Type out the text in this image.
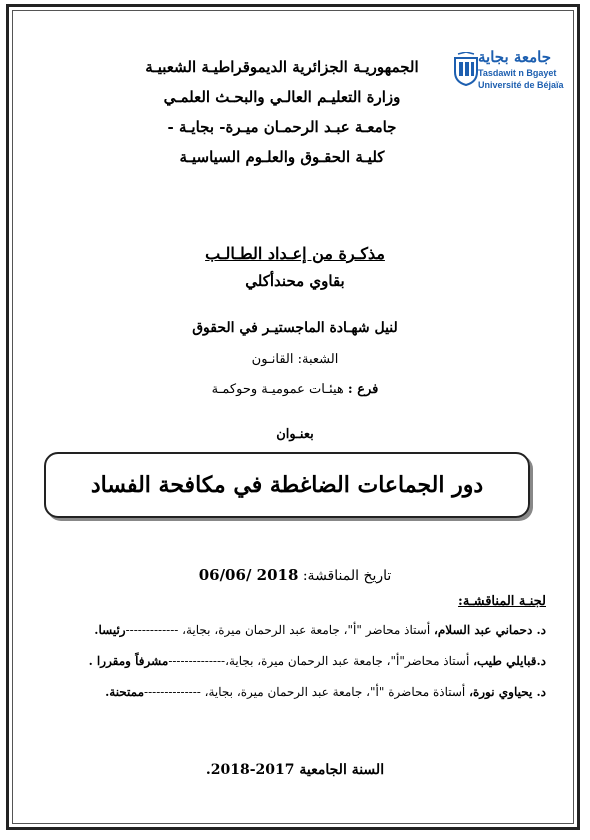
جامعة بجاية
Tasdawit n Bgayet
Université de Béjaïa
الجمهوريـة الجزائرية الديموقراطيـة الشعبيـة
وزارة التعليـم العالـي والبحـث العلمـي
جامعـة عبـد الرحمـان ميـرة- بجايـة -
كليـة الحقـوق والعلـوم السياسيـة
مذكـرة من إعـداد الطـالـب
بقاوي محندأكلي
لنيل شهـادة الماجستيـر في الحقوق
الشعبة: القانـون
فرع : هيئـات عموميـة وحوكمـة
بعنـوان
دور الجماعات الضاغطة في مكافحة الفساد
تاريخ المناقشة: 2018 /06/06
لجنـة المناقشـة:
د. دحماني عبد السلام، أستاذ محاضر "أ"، جامعة عبد الرحمان ميرة، بجاية، -------------رئيسا.
د.قبايلي طيب، أستاذ محاضر"أ"، جامعة عبد الرحمان ميرة، بجاية،--------------مشرفاً ومقررا .
د. يحياوي نورة، أستاذة محاضرة "أ"، جامعة عبد الرحمان ميرة، بجاية، --------------ممتحنة.
السنة الجامعية 2017-2018.
